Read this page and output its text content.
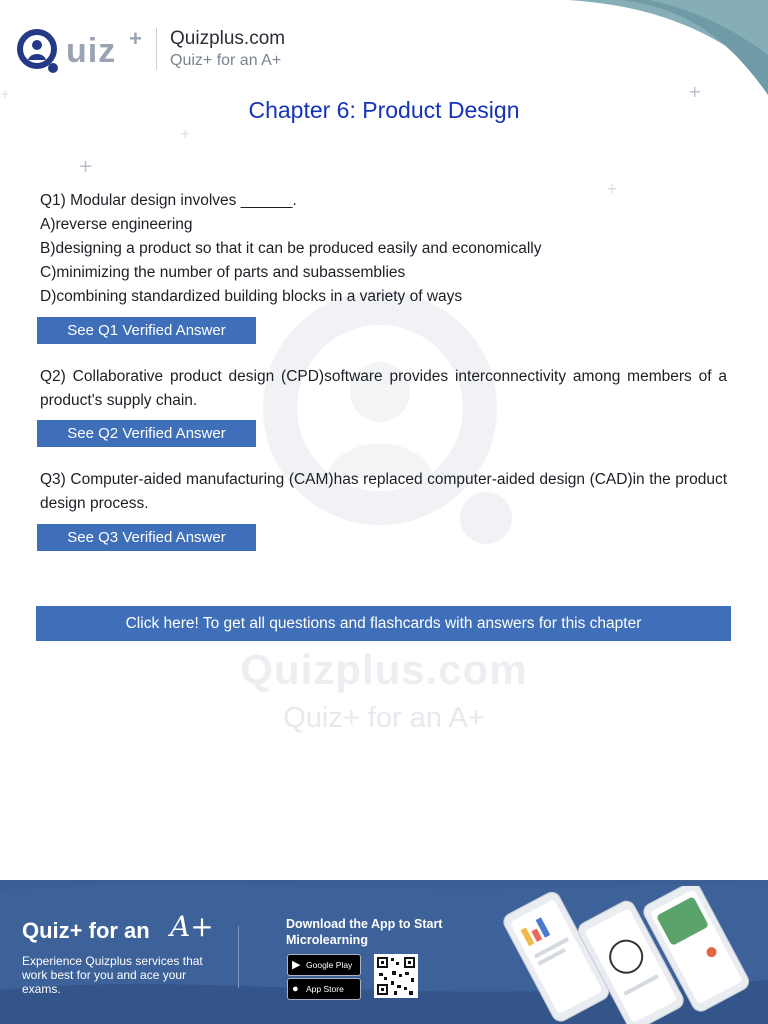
+
+
+
+
+
uiz + Quizplus.com
Quiz+ for an A+
Chapter 6: Product Design
Quizplus.com
Quiz+ for an A+
Q1) Modular design involves ______.
A)reverse engineering
B)designing a product so that it can be produced easily and economically
C)minimizing the number of parts and subassemblies
D)combining standardized building blocks in a variety of ways
See Q1 Verified Answer
Q2) Collaborative product design (CPD)software provides interconnectivity among members of a product's supply chain.
See Q2 Verified Answer
Q3) Computer-aided manufacturing (CAM)has replaced computer-aided design (CAD)in the product design process.
See Q3 Verified Answer
Click here! To get all questions and flashcards with answers for this chapter
Quiz+ for an A+
Experience Quizplus services that work best for you and ace your exams.
Download the App to Start Microlearning
▶ Google Play
● App Store
